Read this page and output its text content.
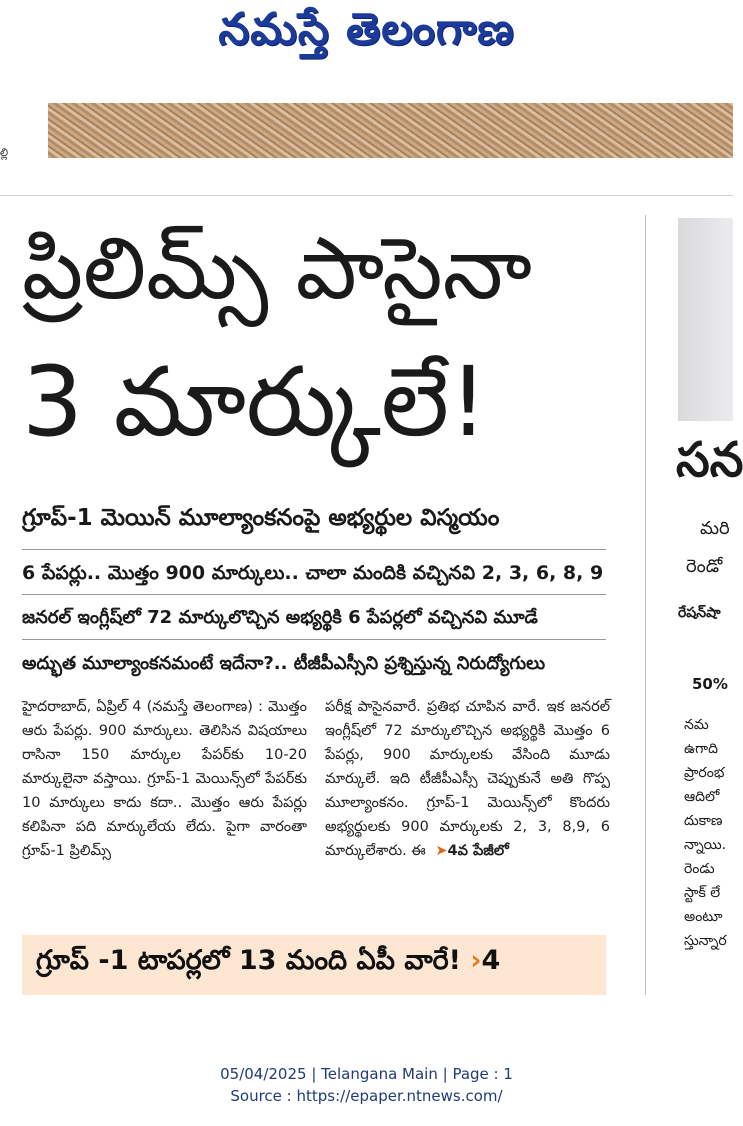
నమస్తే తెలంగాణ
ల్లి
ప్రిలిమ్స్ పాసైనా
3 మార్కులే!
గ్రూప్-1 మెయిన్ మూల్యాంకనంపై అభ్యర్థుల విస్మయం
6 పేపర్లు.. మొత్తం 900 మార్కులు.. చాలా మందికి వచ్చినవి 2, 3, 6, 8, 9
జనరల్ ఇంగ్లీష్‌లో 72 మార్కులొచ్చిన అభ్యర్థికి 6 పేపర్లలో వచ్చినవి మూడే
అద్భుత మూల్యాంకనమంటే ఇదేనా?.. టీజీపీఎస్సీని ప్రశ్నిస్తున్న నిరుద్యోగులు
హైదరాబాద్, ఏప్రిల్ 4 (నమస్తే తెలంగాణ) : మొత్తం ఆరు పేపర్లు. 900 మార్కులు. తెలిసిన విషయాలు రాసినా 150 మార్కుల పేపర్‌కు 10-20 మార్కులైనా వస్తాయి. గ్రూప్-1 మెయిన్స్‌లో పేపర్‌కు 10 మార్కులు కాదు కదా.. మొత్తం ఆరు పేపర్లు కలిపినా పది మార్కులేయ లేదు. పైగా వారంతా గ్రూప్-1 ప్రిలిమ్స్
పరీక్ష పాసైనవారే. ప్రతిభ చూపిన వారే. ఇక జనరల్ ఇంగ్లీష్‌లో 72 మార్కులొచ్చిన అభ్యర్థికి మొత్తం 6 పేపర్లు, 900 మార్కులకు వేసింది మూడు మార్కులే. ఇది టీజీపీఎస్సీ చెప్పుకునే అతి గొప్ప మూల్యాంకనం. గ్రూప్-1 మెయిన్స్‌లో కొందరు అభ్యర్థులకు 900 మార్కులకు 2, 3, 8,9, 6 మార్కులేశారు. ఈ ➤4వ పేజీలో
గ్రూప్ -1 టాపర్లలో 13 మంది ఏపీ వారే! ›4
సన
మరి
రెండో
రేషన్‌షా
50%
నమ
ఉగాది
ప్రారంభ
ఆదిలో
దుకాణ
న్నాయి.
రెండు
స్టాక్ లే
అంటూ
స్తున్నార
05/04/2025 | Telangana Main | Page : 1
Source : https://epaper.ntnews.com/
